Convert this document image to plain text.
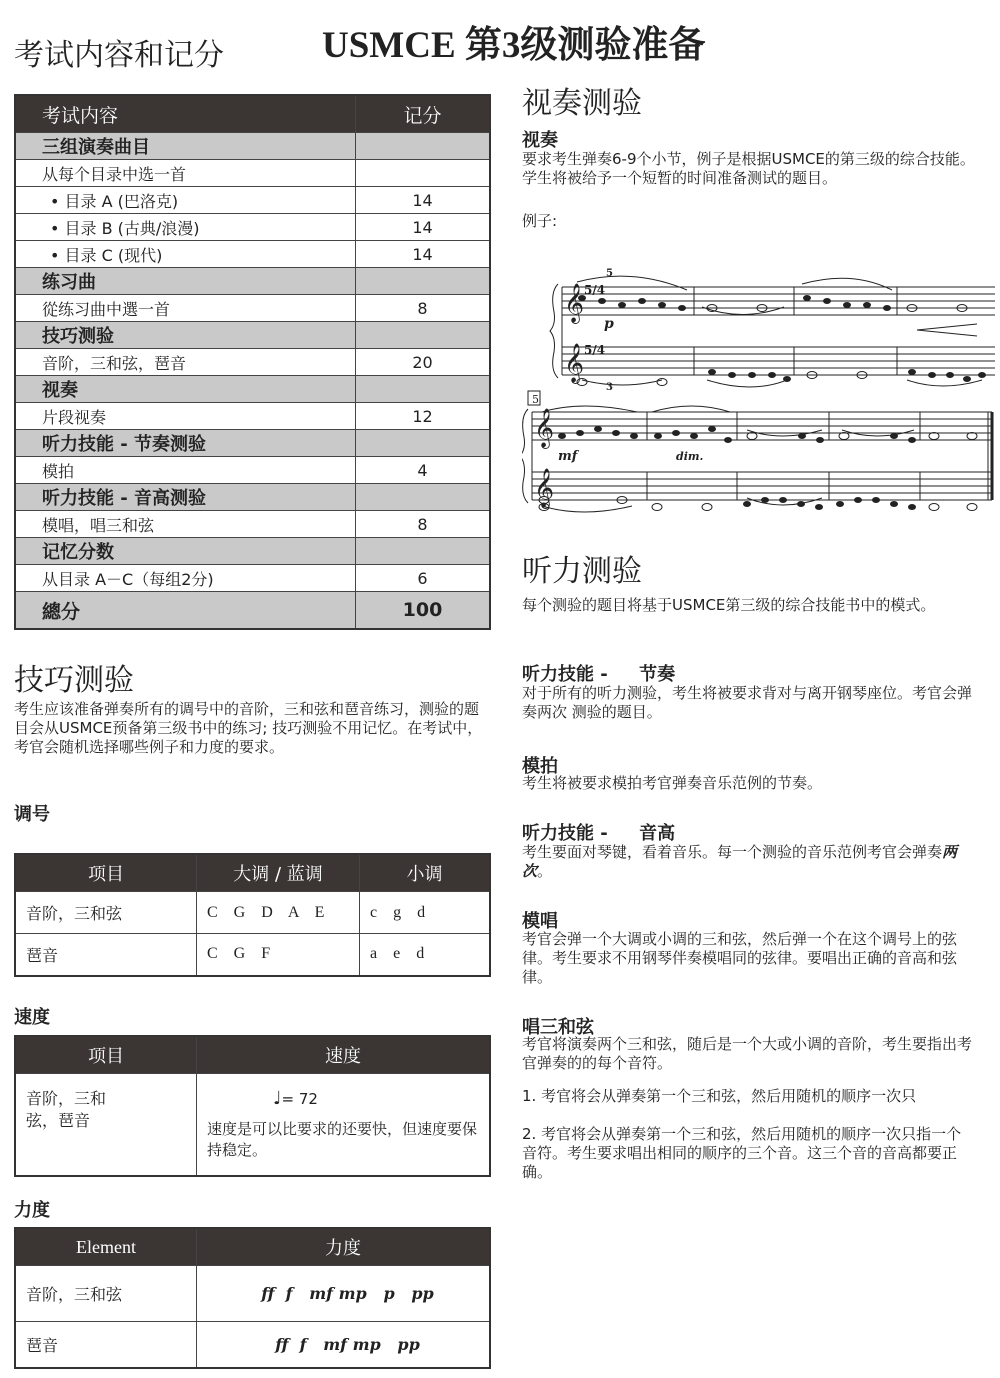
考试内容和记分	USMCE 第3级测验准备
考试内容	记分
三组演奏曲目	
从每个目录中选一首	
• 目录 A (巴洛克)	14
• 目录 B (古典/浪漫)	14
• 目录 C (现代)	14
练习曲	
從练习曲中選一首	8
技巧测验	
音阶，三和弦，琶音	20
视奏	
片段视奏	12
听力技能 - 节奏测验	
模拍	4
听力技能 - 音高测验	
模唱，唱三和弦	8
记忆分数	
从目录 A－C（每组2分)	6
總分	100
技巧测验

考生应该准备弹奏所有的调号中的音阶，三和弦和琶音练习，测验的题目会从USMCE预备第三级书中的练习; 技巧测验不用记忆。在考试中，考官会随机选择哪些例子和力度的要求。

调号
项目	大调 / 蓝调	小调
音阶，三和弦	C G D A E	c g d
琶音	C G F	a e d
速度
项目	速度
音阶，三和弦，琶音	♩= 72
速度是可以比要求的还要快，但速度要保持稳定。
力度
Element	力度
音阶，三和弦	ff  f   mf mp   p   pp
琶音	ff  f   mf mp   pp
视奏测验
视奏

要求考生弹奏6-9个小节，例子是根据USMCE的第三级的综合技能。学生将被给予一个短暂的时间准备测试的题目。

例子:

𝄞
𝄞
𝄞
𝄞
5/4
5/4
5
3
p
5
mf	dim.
听力测验

每个测验的题目将基于USMCE第三级的综合技能书中的模式。

听力技能 -     节奏

对于所有的听力测验，考生将被要求背对与离开钢琴座位。考官会弹奏两次 测验的题目。

模拍

考生将被要求模拍考官弹奏音乐范例的节奏。

听力技能 -     音高

考生要面对琴键，看着音乐。每一个测验的音乐范例考官会弹奏两次。

模唱

考官会弹一个大调或小调的三和弦，然后弹一个在这个调号上的弦律。考生要求不用钢琴伴奏模唱同的弦律。要唱出正确的音高和弦律。

唱三和弦

考官将演奏两个三和弦，随后是一个大或小调的音阶，考生要指出考官弹奏的的每个音符。

1. 考官将会从弹奏第一个三和弦，然后用随机的顺序一次只

2. 考官将会从弹奏第一个三和弦，然后用随机的顺序一次只指一个音符。考生要求唱出相同的顺序的三个音。这三个音的音高都要正确。
